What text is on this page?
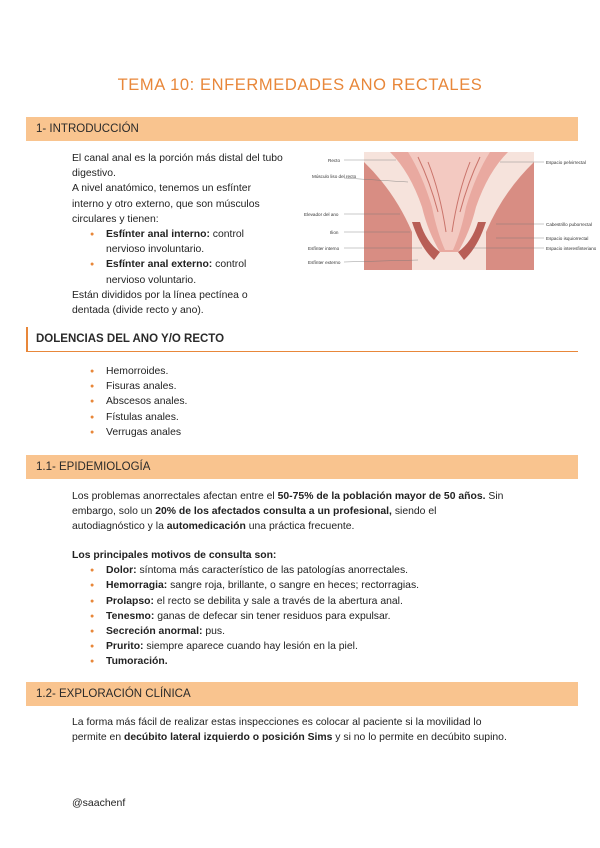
TEMA 10: ENFERMEDADES ANO RECTALES
1- INTRODUCCIÓN

El canal anal es la porción más distal del tubo digestivo.

A nivel anatómico, tenemos un esfínter interno y otro externo, que son músculos circulares y tienen:

● Esfínter anal interno: control nervioso involuntario.
● Esfínter anal externo: control nervioso voluntario.

Están divididos por la línea pectínea o dentada (divide recto y ano).

Recto
Músculo liso del recto
Elevador del ano
Ilion
Esfínter interno
Esfínter externo
Espacio pelvirrectal
Cabestrillo puborrectal
Espacio isquiorrectal
Espacio interesfinteriano
DOLENCIAS DEL ANO Y/O RECTO
● Hemorroides.
● Fisuras anales.
● Abscesos anales.
● Fístulas anales.
● Verrugas anales
1.1- EPIDEMIOLOGÍA

Los problemas anorrectales afectan entre el 50-75% de la población mayor de 50 años. Sin embargo, solo un 20% de los afectados consulta a un profesional, siendo el autodiagnóstico y la automedicación una práctica frecuente.

Los principales motivos de consulta son:

● Dolor: síntoma más característico de las patologías anorrectales.
● Hemorragia: sangre roja, brillante, o sangre en heces; rectorragias.
● Prolapso: el recto se debilita y sale a través de la abertura anal.
● Tenesmo: ganas de defecar sin tener residuos para expulsar.
● Secreción anormal: pus.
● Prurito: siempre aparece cuando hay lesión en la piel.
● Tumoración.
1.2- EXPLORACIÓN CLÍNICA

La forma más fácil de realizar estas inspecciones es colocar al paciente si la movilidad lo permite en decúbito lateral izquierdo o posición Sims y si no lo permite en decúbito supino.

@saachenf
